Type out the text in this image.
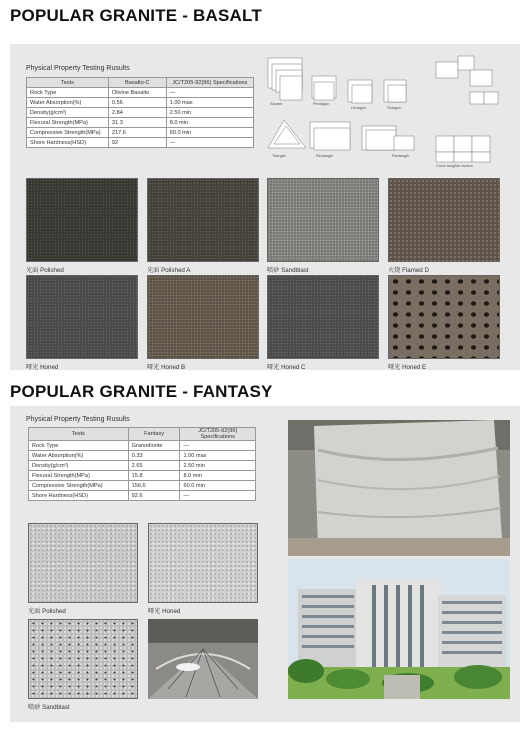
POPULAR GRANITE - BASALT
Physical Property Testing Rusults
Tests	Basalto-C	JC/T205-92(96) Specifications
Rock Type	Olivine Basalto	—
Water Absorption(%)	0.56	1.00 max
Density(g/cm³)	2.84	2.50 min
Flexural Strength(MPa)	31.3	8.0 min
Compressive Strength(MPa)	217.6	60.0 min
Shore Hardness(HSD)	92	—
Square	Pentagon
Hexagon	Octagon
Triangle	Rectangle	Rectangle
Cross tangible bottom
光面 Polished	光面 Polished A	喷砂 Sandblast	火烧 Flamed D
哑光 Honed	哑光 Honed B	哑光 Honed C	哑光 Honed E
POPULAR GRANITE - FANTASY
Physical Property Testing Rusults
Tests	Fantasy	JC/T205-92(96) Specifications
Rock Type	Granodiorite	—
Water Absorption(%)	0.33	1.00 max
Density(g/cm³)	2.65	2.50 min
Flexural Strength(MPa)	15.8	8.0 min
Compressive Strength(MPa)	156.6	60.0 min
Shore Hardness(HSD)	92.6	—
光面 Polished	哑光 Honed
喷砂 Sandblast
